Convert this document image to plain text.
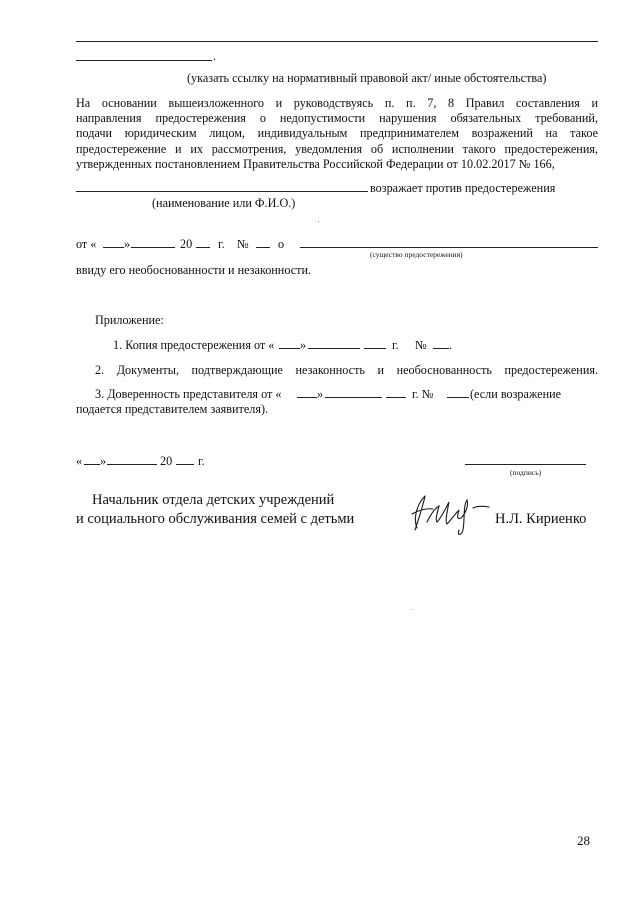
.
(указать ссылку на нормативный правовой акт/ иные обстоятельства)
На основании вышеизложенного и руководствуясь п. п. 7, 8 Правил составления и
направления предостережения о недопустимости нарушения обязательных требований,
подачи юридическим лицом, индивидуальным предпринимателем возражений на такое
предостережение и их рассмотрения, уведомления об исполнении такого предостережения,
утвержденных постановлением Правительства Российской Федерации от 10.02.2017 № 166,
возражает против предостережения
(наименование или Ф.И.О.)
от « »	20 г. № о
(существо предостережения)
ввиду его необоснованности и незаконности.
Приложение:
1. Копия предостережения от « »	г. № .
2. Документы, подтверждающие незаконность и необоснованность предостережения.
3. Доверенность представителя от «	»	г. №	(если возражение
подается представителем заявителя).
« »	20 г.
(подпись)
Начальник отдела детских учреждений
и социального обслуживания семей с детьми	Н.Л. Кириенко
28
